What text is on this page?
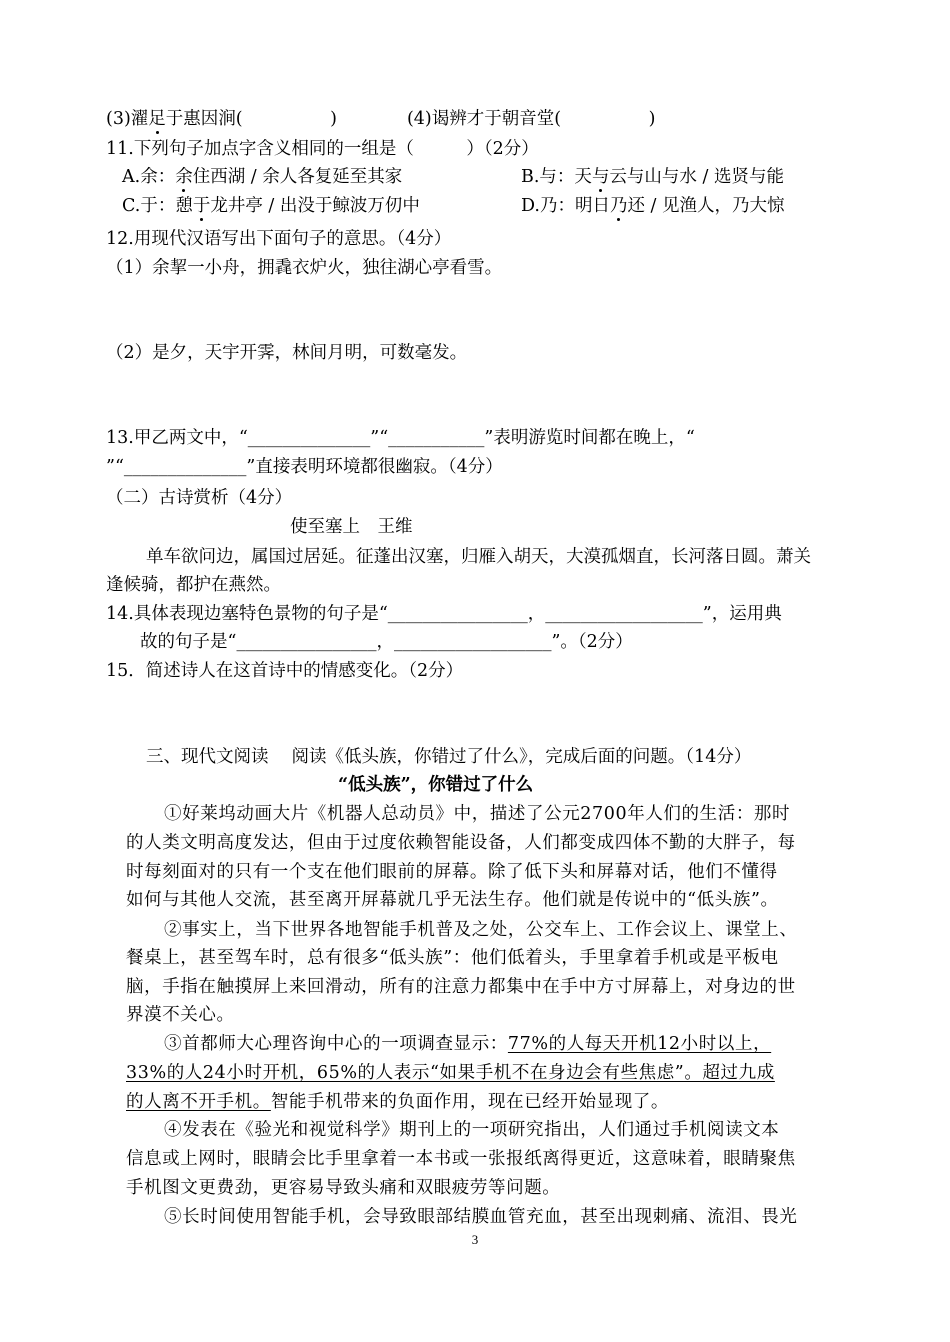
(3)濯足于惠因涧(　　　　　)　　　　(4)谒辨才于朝音堂(　　　　　)
11.下列句子加点字含义相同的一组是（　　　）（2分）
A.余：余住西湖 / 余人各复延至其家	B.与：天与云与山与水 / 选贤与能
C.于：憩于龙井亭 / 出没于鲸波万仞中	D.乃：明日乃还 / 见渔人，乃大惊
12.用现代汉语写出下面句子的意思。（4分）
（1）余挈一小舟，拥毳衣炉火，独往湖心亭看雪。
（2）是夕，天宇开霁，林间月明，可数毫发。
13.甲乙两文中，“______________”“___________”表明游览时间都在晚上，“
”“______________”直接表明环境都很幽寂。（4分）
（二）古诗赏析（4分）
使至塞上　王维
单车欲问边，属国过居延。征蓬出汉塞，归雁入胡天，大漠孤烟直，长河落日圆。萧关
逢候骑，都护在燕然。
14.具体表现边塞特色景物的句子是“________________，__________________”，运用典
故的句子是“________________，__________________”。（2分）
15．简述诗人在这首诗中的情感变化。（2分）
三、现代文阅读　 阅读《低头族，你错过了什么》，完成后面的问题。（14分）
“低头族”，你错过了什么
①好莱坞动画大片《机器人总动员》中，描述了公元2700年人们的生活：那时
的人类文明高度发达，但由于过度依赖智能设备，人们都变成四体不勤的大胖子，每
时每刻面对的只有一个支在他们眼前的屏幕。除了低下头和屏幕对话，他们不懂得
如何与其他人交流，甚至离开屏幕就几乎无法生存。他们就是传说中的“低头族”。
②事实上，当下世界各地智能手机普及之处，公交车上、工作会议上、课堂上、
餐桌上，甚至驾车时，总有很多“低头族”：他们低着头，手里拿着手机或是平板电
脑，手指在触摸屏上来回滑动，所有的注意力都集中在手中方寸屏幕上，对身边的世
界漠不关心。
③首都师大心理咨询中心的一项调查显示：77%的人每天开机12小时以上，
33%的人24小时开机，65%的人表示“如果手机不在身边会有些焦虑”。超过九成
的人离不开手机。智能手机带来的负面作用，现在已经开始显现了。
④发表在《验光和视觉科学》期刊上的一项研究指出，人们通过手机阅读文本
信息或上网时，眼睛会比手里拿着一本书或一张报纸离得更近，这意味着，眼睛聚焦
手机图文更费劲，更容易导致头痛和双眼疲劳等问题。
⑤长时间使用智能手机，会导致眼部结膜血管充血，甚至出现刺痛、流泪、畏光
3
